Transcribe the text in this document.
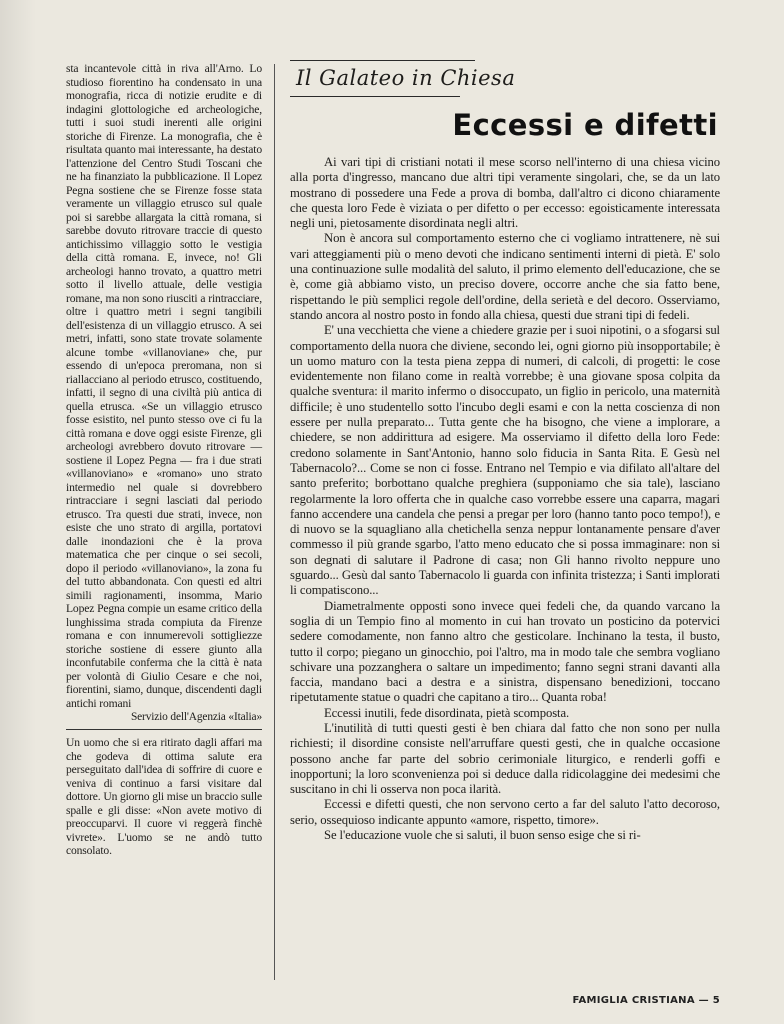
sta incantevole città in riva all'Arno. Lo studioso fiorentino ha condensato in una monografia, ricca di notizie erudite e di indagini glottologiche ed archeologiche, tutti i suoi studi inerenti alle origini storiche di Firenze. La monografia, che è risultata quanto mai interessante, ha destato l'attenzione del Centro Studi Toscani che ne ha finanziato la pubblicazione. Il Lopez Pegna sostiene che se Firenze fosse stata veramente un villaggio etrusco sul quale poi si sarebbe allargata la città romana, si sarebbe dovuto ritrovare traccie di questo antichissimo villaggio sotto le vestigia della città romana. E, invece, no! Gli archeologi hanno trovato, a quattro metri sotto il livello attuale, delle vestigia romane, ma non sono riusciti a rintracciare, oltre i quattro metri i segni tangibili dell'esistenza di un villaggio etrusco. A sei metri, infatti, sono state trovate solamente alcune tombe «villanoviane» che, pur essendo di un'epoca preromana, non si riallacciano al periodo etrusco, costituendo, infatti, il segno di una civiltà più antica di quella etrusca. «Se un villaggio etrusco fosse esistito, nel punto stesso ove ci fu la città romana e dove oggi esiste Firenze, gli archeologi avrebbero dovuto ritrovare — sostiene il Lopez Pegna — fra i due strati «villanoviano» e «romano» uno strato intermedio nel quale si dovrebbero rintracciare i segni lasciati dal periodo etrusco. Tra questi due strati, invece, non esiste che uno strato di argilla, portatovi dalle inondazioni che è la prova matematica che per cinque o sei secoli, dopo il periodo «villanoviano», la zona fu del tutto abbandonata. Con questi ed altri simili ragionamenti, insomma, Mario Lopez Pegna compie un esame critico della lunghissima strada compiuta da Firenze romana e con innumerevoli sottigliezze storiche sostiene di essere giunto alla inconfutabile conferma che la città è nata per volontà di Giulio Cesare e che noi, fiorentini, siamo, dunque, discendenti dagli antichi romani

Servizio dell'Agenzia «Italia»

Un uomo che si era ritirato dagli affari ma che godeva di ottima salute era perseguitato dall'idea di soffrire di cuore e veniva di continuo a farsi visitare dal dottore. Un giorno gli mise un braccio sulle spalle e gli disse: «Non avete motivo di preoccuparvi. Il cuore vi reggerà finchè vivrete». L'uomo se ne andò tutto consolato.

Il Galateo in Chiesa
Eccessi e difetti

Ai vari tipi di cristiani notati il mese scorso nell'interno di una chiesa vicino alla porta d'ingresso, mancano due altri tipi veramente singolari, che, se da un lato mostrano di possedere una Fede a prova di bomba, dall'altro ci dicono chiaramente che questa loro Fede è viziata o per difetto o per eccesso: egoisticamente interessata negli uni, pietosamente disordinata negli altri.

Non è ancora sul comportamento esterno che ci vogliamo intrattenere, nè sui vari atteggiamenti più o meno devoti che indicano sentimenti interni di pietà. E' solo una continuazione sulle modalità del saluto, il primo elemento dell'educazione, che se è, come già abbiamo visto, un preciso dovere, occorre anche che sia fatto bene, rispettando le più semplici regole dell'ordine, della serietà e del decoro. Osserviamo, stando ancora al nostro posto in fondo alla chiesa, questi due strani tipi di fedeli.

E' una vecchietta che viene a chiedere grazie per i suoi nipotini, o a sfogarsi sul comportamento della nuora che diviene, secondo lei, ogni giorno più insopportabile; è un uomo maturo con la testa piena zeppa di numeri, di calcoli, di progetti: le cose evidentemente non filano come in realtà vorrebbe; è una giovane sposa colpita da qualche sventura: il marito infermo o disoccupato, un figlio in pericolo, una maternità difficile; è uno studentello sotto l'incubo degli esami e con la netta coscienza di non essere per nulla preparato... Tutta gente che ha bisogno, che viene a implorare, a chiedere, se non addirittura ad esigere. Ma osserviamo il difetto della loro Fede: credono solamente in Sant'Antonio, hanno solo fiducia in Santa Rita. E Gesù nel Tabernacolo?... Come se non ci fosse. Entrano nel Tempio e via difilato all'altare del santo preferito; borbottano qualche preghiera (supponiamo che sia tale), lasciano regolarmente la loro offerta che in qualche caso vorrebbe essere una caparra, magari fanno accendere una candela che pensi a pregar per loro (hanno tanto poco tempo!), e di nuovo se la squagliano alla chetichella senza neppur lontanamente pensare d'aver commesso il più grande sgarbo, l'atto meno educato che si possa immaginare: non si son degnati di salutare il Padrone di casa; non Gli hanno rivolto neppure uno sguardo... Gesù dal santo Tabernacolo li guarda con infinita tristezza; i Santi implorati li compatiscono...

Diametralmente opposti sono invece quei fedeli che, da quando varcano la soglia di un Tempio fino al momento in cui han trovato un posticino da potervici sedere comodamente, non fanno altro che gesticolare. Inchinano la testa, il busto, tutto il corpo; piegano un ginocchio, poi l'altro, ma in modo tale che sembra vogliano schivare una pozzanghera o saltare un impedimento; fanno segni strani davanti alla faccia, mandano baci a destra e a sinistra, dispensano benedizioni, toccano ripetutamente statue o quadri che capitano a tiro... Quanta roba!

Eccessi inutili, fede disordinata, pietà scomposta.

L'inutilità di tutti questi gesti è ben chiara dal fatto che non sono per nulla richiesti; il disordine consiste nell'arruffare questi gesti, che in qualche occasione possono anche far parte del sobrio cerimoniale liturgico, e renderli goffi e inopportuni; la loro sconvenienza poi si deduce dalla ridicolaggine dei medesimi che suscitano in chi li osserva non poca ilarità.

Eccessi e difetti questi, che non servono certo a far del saluto l'atto decoroso, serio, ossequioso indicante appunto «amore, rispetto, timore».

Se l'educazione vuole che si saluti, il buon senso esige che si ri-

FAMIGLIA CRISTIANA — 5
